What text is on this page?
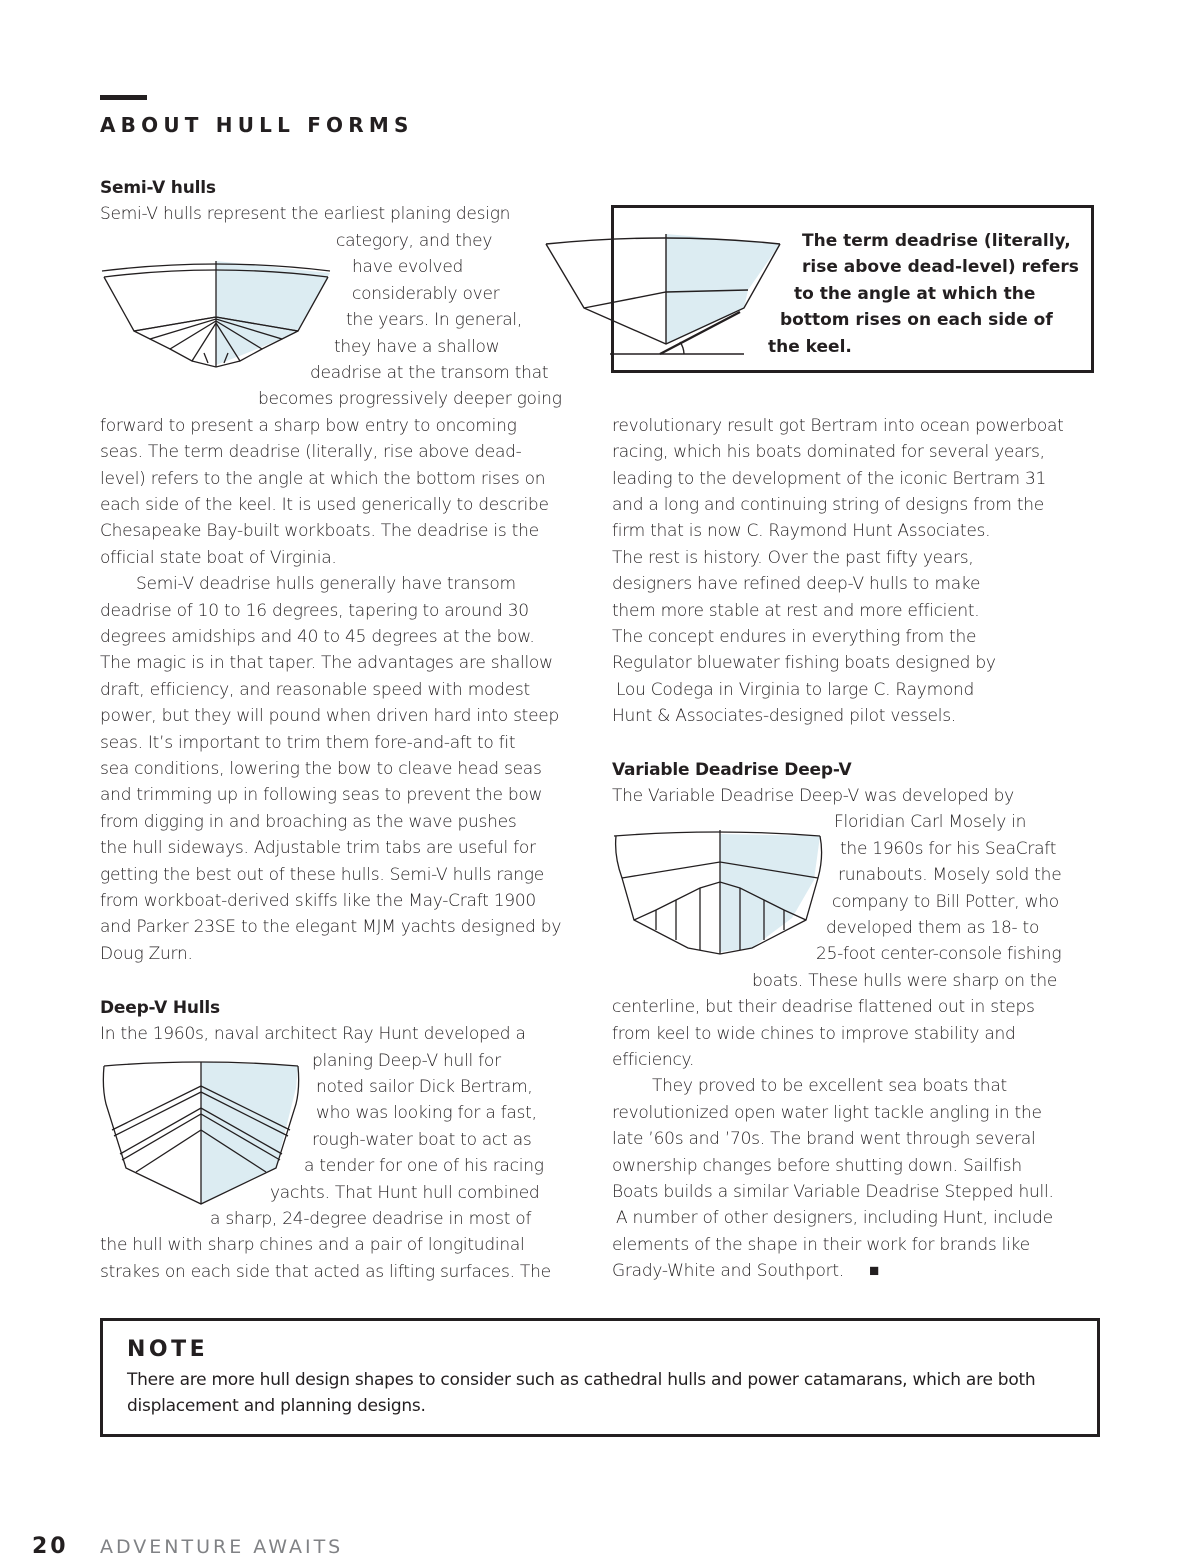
ABOUT HULL FORMS
Semi-V hulls
Semi-V hulls represent the earliest planing design
category, and they
have evolved
considerably over
the years. In general,
they have a shallow
deadrise at the transom that
becomes progressively deeper going
forward to present a sharp bow entry to oncoming
seas. The term deadrise (literally, rise above dead-
level) refers to the angle at which the bottom rises on
each side of the keel. It is used generically to describe
Chesapeake Bay-built workboats. The deadrise is the
official state boat of Virginia.
Semi-V deadrise hulls generally have transom
deadrise of 10 to 16 degrees, tapering to around 30
degrees amidships and 40 to 45 degrees at the bow.
The magic is in that taper. The advantages are shallow
draft, efficiency, and reasonable speed with modest
power, but they will pound when driven hard into steep
seas. It’s important to trim them fore-and-aft to fit
sea conditions, lowering the bow to cleave head seas
and trimming up in following seas to prevent the bow
from digging in and broaching as the wave pushes
the hull sideways. Adjustable trim tabs are useful for
getting the best out of these hulls. Semi-V hulls range
from workboat-derived skiffs like the May-Craft 1900
and Parker 23SE to the elegant MJM yachts designed by
Doug Zurn.
Deep-V Hulls
In the 1960s, naval architect Ray Hunt developed a
planing Deep-V hull for
noted sailor Dick Bertram,
who was looking for a fast,
rough-water boat to act as
a tender for one of his racing
yachts. That Hunt hull combined
a sharp, 24-degree deadrise in most of
the hull with sharp chines and a pair of longitudinal
strakes on each side that acted as lifting surfaces. The
The term deadrise (literally,
rise above dead-level) refers
to the angle at which the
bottom rises on each side of
the keel.
revolutionary result got Bertram into ocean powerboat
racing, which his boats dominated for several years,
leading to the development of the iconic Bertram 31
and a long and continuing string of designs from the
firm that is now C. Raymond Hunt Associates.
The rest is history. Over the past fifty years,
designers have refined deep-V hulls to make
them more stable at rest and more efficient.
The concept endures in everything from the
Regulator bluewater fishing boats designed by
Lou Codega in Virginia to large C. Raymond
Hunt & Associates-designed pilot vessels.
Variable Deadrise Deep-V
The Variable Deadrise Deep-V was developed by
Floridian Carl Mosely in
the 1960s for his SeaCraft
runabouts. Mosely sold the
company to Bill Potter, who
developed them as 18- to
25-foot center-console fishing
boats. These hulls were sharp on the
centerline, but their deadrise flattened out in steps
from keel to wide chines to improve stability and
efficiency.
They proved to be excellent sea boats that
revolutionized open water light tackle angling in the
late ’60s and ’70s. The brand went through several
ownership changes before shutting down. Sailfish
Boats builds a similar Variable Deadrise Stepped hull.
A number of other designers, including Hunt, include
elements of the shape in their work for brands like
Grady-White and Southport. ■
NOTE
There are more hull design shapes to consider such as cathedral hulls and power catamarans, which are both
displacement and planning designs.
20 ADVENTURE AWAITS
